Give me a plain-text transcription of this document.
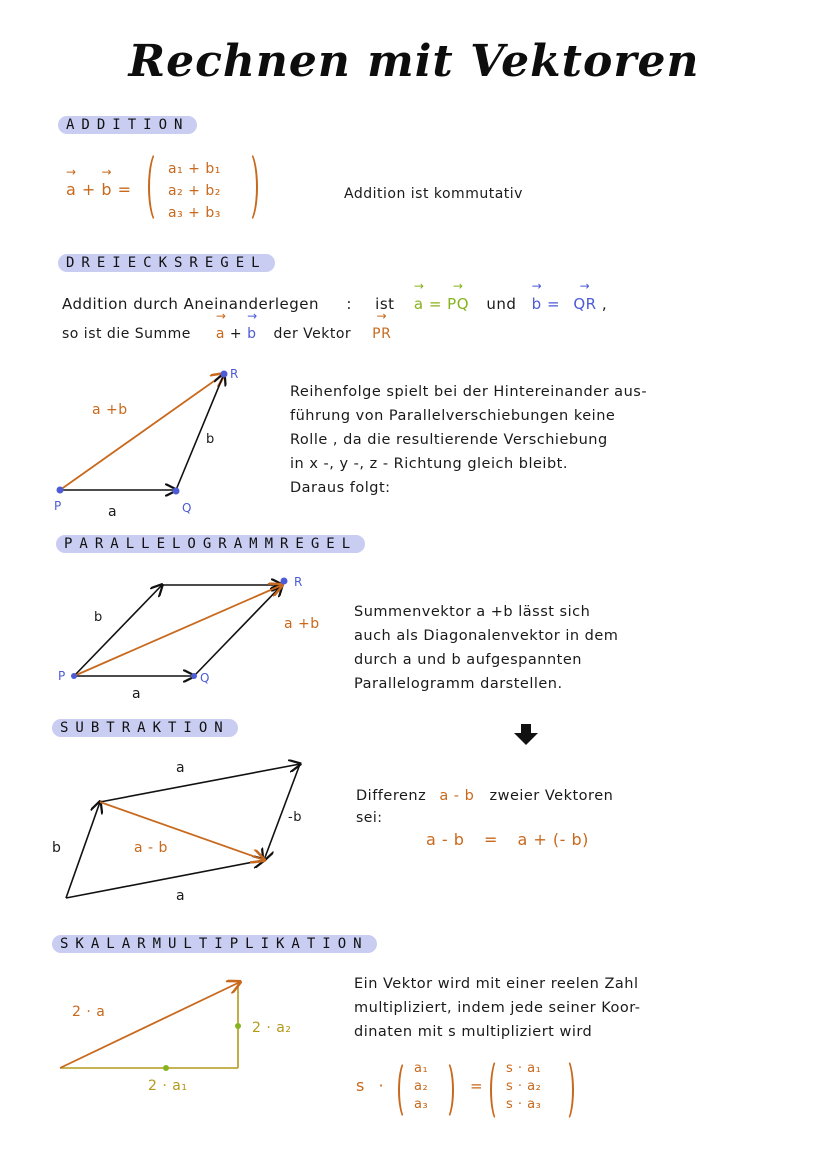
Rechnen mit Vektoren
ADDITION
→ a + → b =
a₁ + b₁
a₂ + b₂
a₃ + b₃
Addition ist kommutativ
DREIECKSREGEL
Addition durch Aneinanderlegen : ist → a = → PQ und → b = → QR ,
so ist die Summe → a + → b der Vektor → PR
a +b
b
a
P	Q
R
Reihenfolge spielt bei der Hintereinander aus-
führung von Parallelverschiebungen keine
Rolle , da die resultierende Verschiebung
in x -, y -, z - Richtung gleich bleibt.
Daraus folgt:
PARALLELOGRAMMREGEL
b	a +b
a
P	Q
R
Summenvektor a +b lässt sich
auch als Diagonalenvektor in dem
durch a und b aufgespannten
Parallelogramm darstellen.
SUBTRAKTION
a
-b
a - b
b
a
Differenz a - b zweier Vektoren
sei:
a - b = a + (- b)
SKALARMULTIPLIKATION
2 · a
2 · a₂
2 · a₁
Ein Vektor wird mit einer reelen Zahl
multipliziert, indem jede seiner Koor-
dinaten mit s multipliziert wird
s ·
a₁
a₂
a₃
=
s · a₁
s · a₂
s · a₃
